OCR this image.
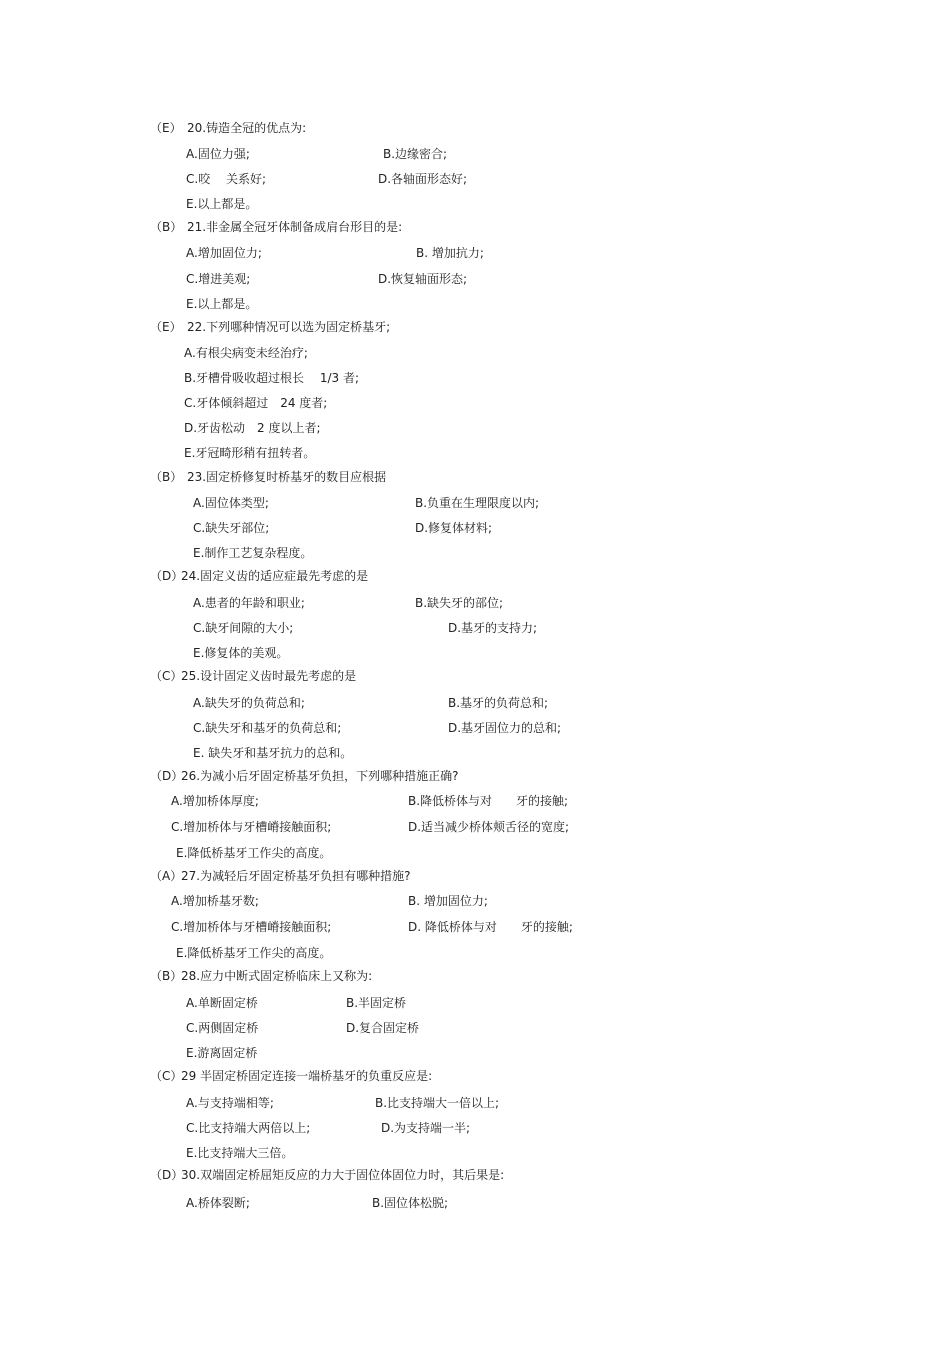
（E） 20.铸造全冠的优点为:
A.固位力强;	B.边缘密合;
C.咬　 关系好;	D.各轴面形态好;
E.以上都是。
（B） 21.非金属全冠牙体制备成肩台形目的是:
A.增加固位力;	B. 增加抗力;
C.增进美观;	D.恢复轴面形态;
E.以上都是。
（E） 22.下列哪种情况可以选为固定桥基牙;
A.有根尖病变未经治疗;
B.牙槽骨吸收超过根长　 1/3 者;
C.牙体倾斜超过　24 度者;
D.牙齿松动　2 度以上者;
E.牙冠畸形稍有扭转者。
（B） 23.固定桥修复时桥基牙的数目应根据
A.固位体类型;	B.负重在生理限度以内;
C.缺失牙部位;	D.修复体材料;
E.制作工艺复杂程度。
（D）
24.固定义齿的适应症最先考虑的是
A.患者的年龄和职业;	B.缺失牙的部位;
C.缺牙间隙的大小;	D.基牙的支持力;
E.修复体的美观。
（C）
25.设计固定义齿时最先考虑的是
A.缺失牙的负荷总和;	B.基牙的负荷总和;
C.缺失牙和基牙的负荷总和;	D.基牙固位力的总和;
E. 缺失牙和基牙抗力的总和。
（D）
26.为减小后牙固定桥基牙负担，下列哪种措施正确?
A.增加桥体厚度;	B.降低桥体与对　　牙的接触;
C.增加桥体与牙槽嵴接触面积;	D.适当减少桥体颊舌径的宽度;
E.降低桥基牙工作尖的高度。
（A）
27.为减轻后牙固定桥基牙负担有哪种措施?
A.增加桥基牙数;	B. 增加固位力;
C.增加桥体与牙槽嵴接触面积;	D. 降低桥体与对　　牙的接触;
E.降低桥基牙工作尖的高度。
（B）
28.应力中断式固定桥临床上又称为:
A.单断固定桥	B.半固定桥
C.两侧固定桥	D.复合固定桥
E.游离固定桥
（C）
29 半固定桥固定连接一端桥基牙的负重反应是:
A.与支持端相等;	B.比支持端大一倍以上;
C.比支持端大两倍以上;	D.为支持端一半;
E.比支持端大三倍。
（D）
30.双端固定桥屈矩反应的力大于固位体固位力时，其后果是:
A.桥体裂断;	B.固位体松脱;
